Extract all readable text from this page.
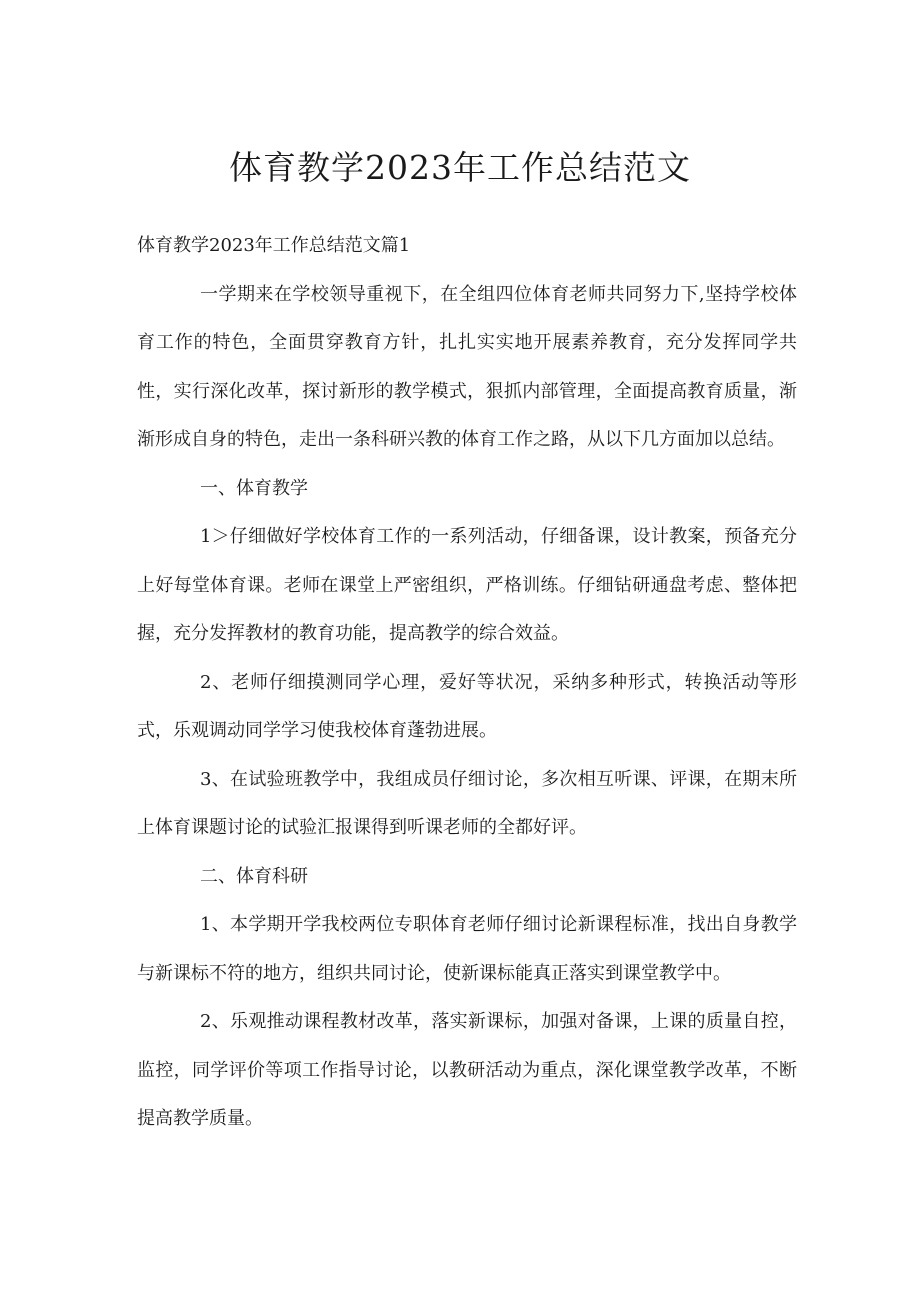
体育教学2023年工作总结范文

体育教学2023年工作总结范文篇1

一学期来在学校领导重视下，在全组四位体育老师共同努力下,坚持学校体育工作的特色，全面贯穿教育方针，扎扎实实地开展素养教育，充分发挥同学共性，实行深化改革，探讨新形的教学模式，狠抓内部管理，全面提高教育质量，渐渐形成自身的特色，走出一条科研兴教的体育工作之路，从以下几方面加以总结。

一、体育教学

1＞仔细做好学校体育工作的一系列活动，仔细备课，设计教案，预备充分上好每堂体育课。老师在课堂上严密组织，严格训练。仔细钻研通盘考虑、整体把握，充分发挥教材的教育功能，提高教学的综合效益。

2、老师仔细摸测同学心理，爱好等状况，采纳多种形式，转换活动等形式，乐观调动同学学习使我校体育蓬勃进展。

3、在试验班教学中，我组成员仔细讨论，多次相互听课、评课，在期末所上体育课题讨论的试验汇报课得到听课老师的全都好评。

二、体育科研

1、本学期开学我校两位专职体育老师仔细讨论新课程标准，找出自身教学与新课标不符的地方，组织共同讨论，使新课标能真正落实到课堂教学中。

2、乐观推动课程教材改革，落实新课标，加强对备课，上课的质量自控，监控，同学评价等项工作指导讨论，以教研活动为重点，深化课堂教学改革，不断提高教学质量。
